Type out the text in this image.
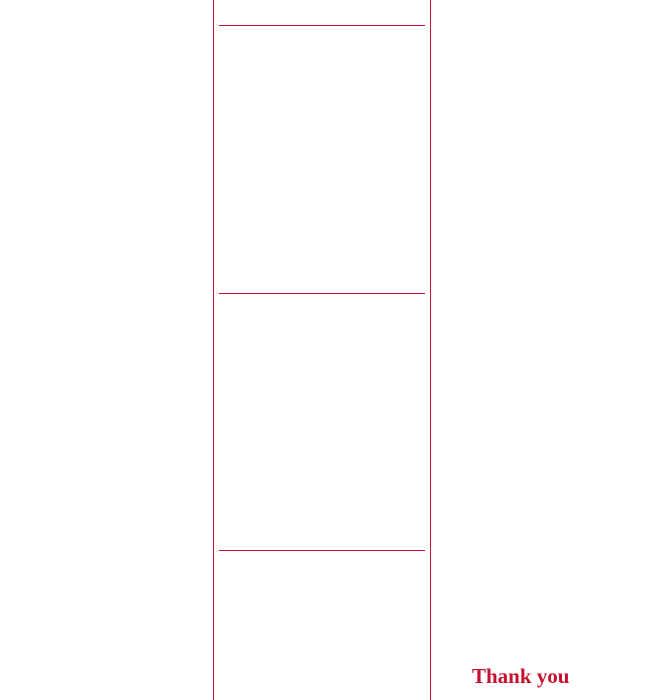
Thank you
